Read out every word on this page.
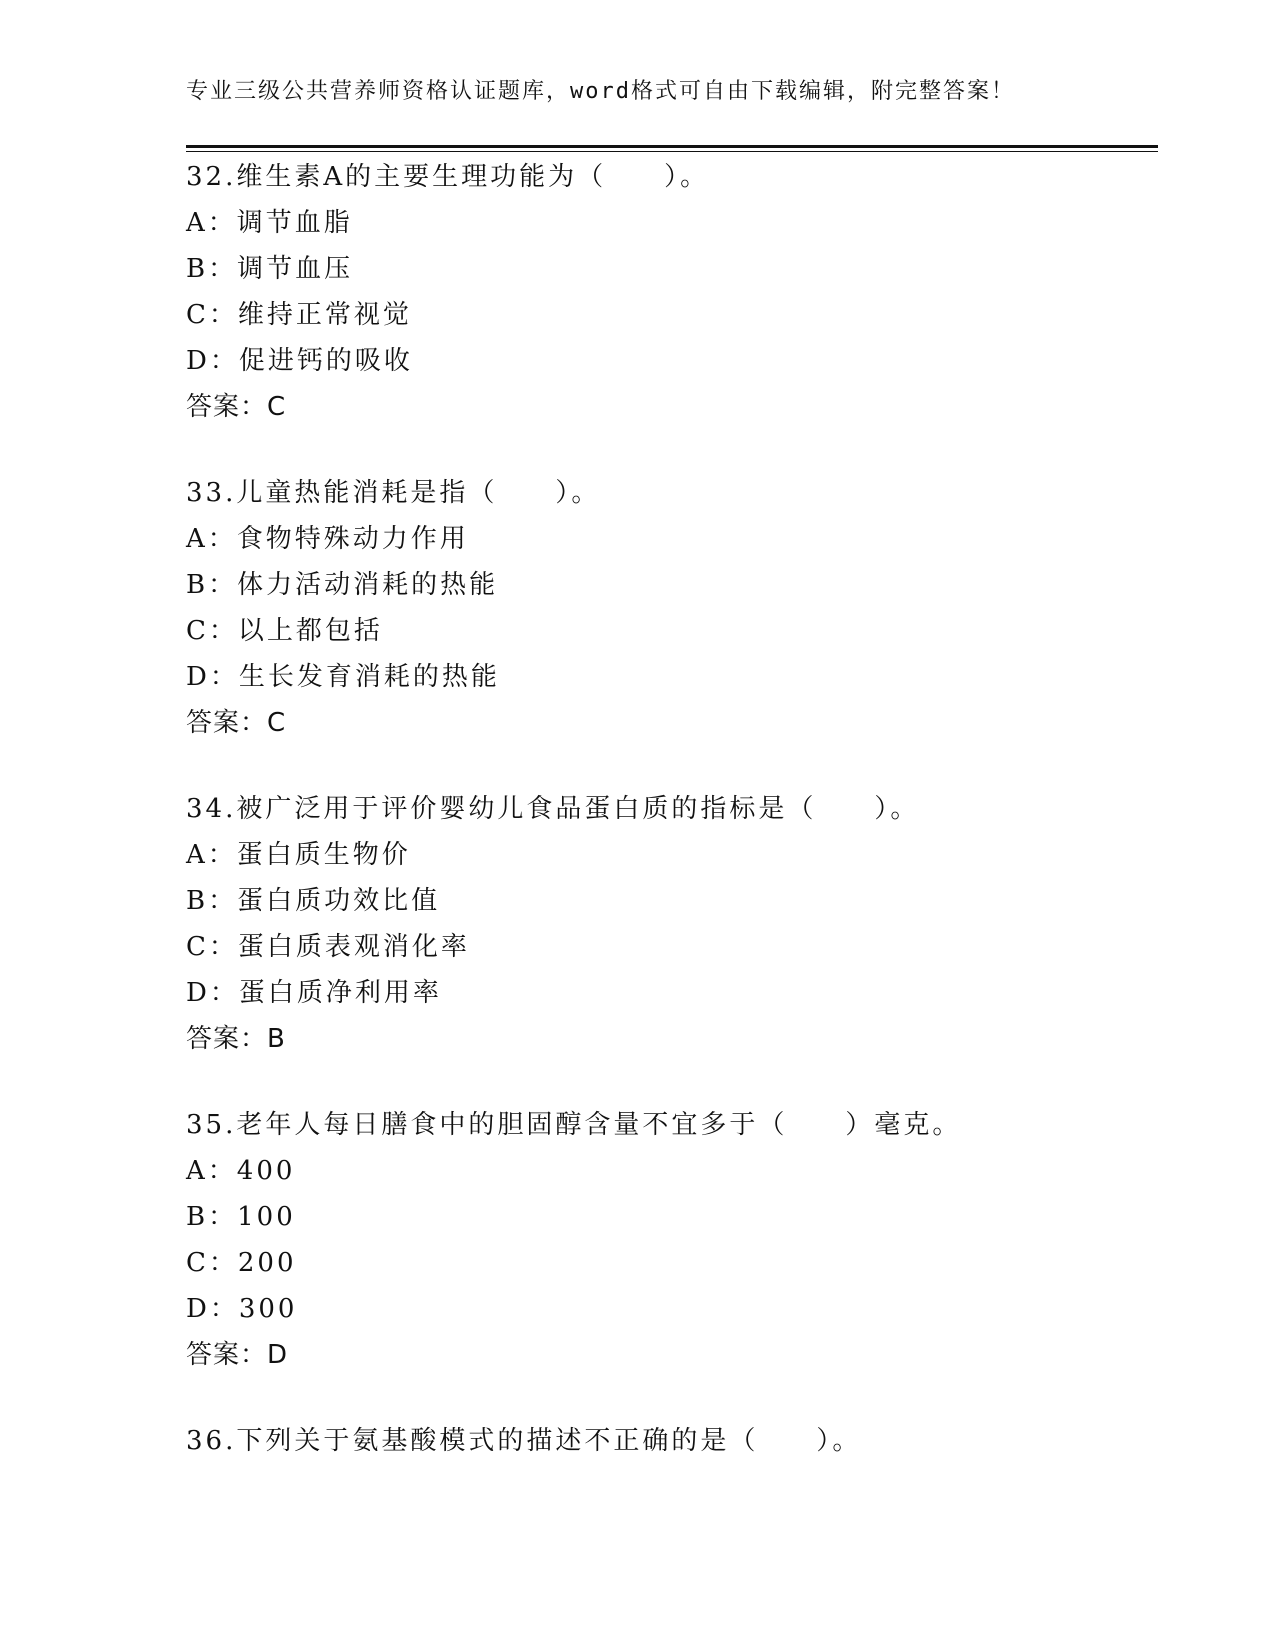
专业三级公共营养师资格认证题库，word格式可自由下载编辑，附完整答案！
32.维生素A的主要生理功能为（　　）。
A：调节血脂
B：调节血压
C：维持正常视觉
D：促进钙的吸收
答案：C
33.儿童热能消耗是指（　　）。
A：食物特殊动力作用
B：体力活动消耗的热能
C：以上都包括
D：生长发育消耗的热能
答案：C
34.被广泛用于评价婴幼儿食品蛋白质的指标是（　　）。
A：蛋白质生物价
B：蛋白质功效比值
C：蛋白质表观消化率
D：蛋白质净利用率
答案：B
35.老年人每日膳食中的胆固醇含量不宜多于（　　）毫克。
A：400
B：100
C：200
D：300
答案：D
36.下列关于氨基酸模式的描述不正确的是（　　）。
